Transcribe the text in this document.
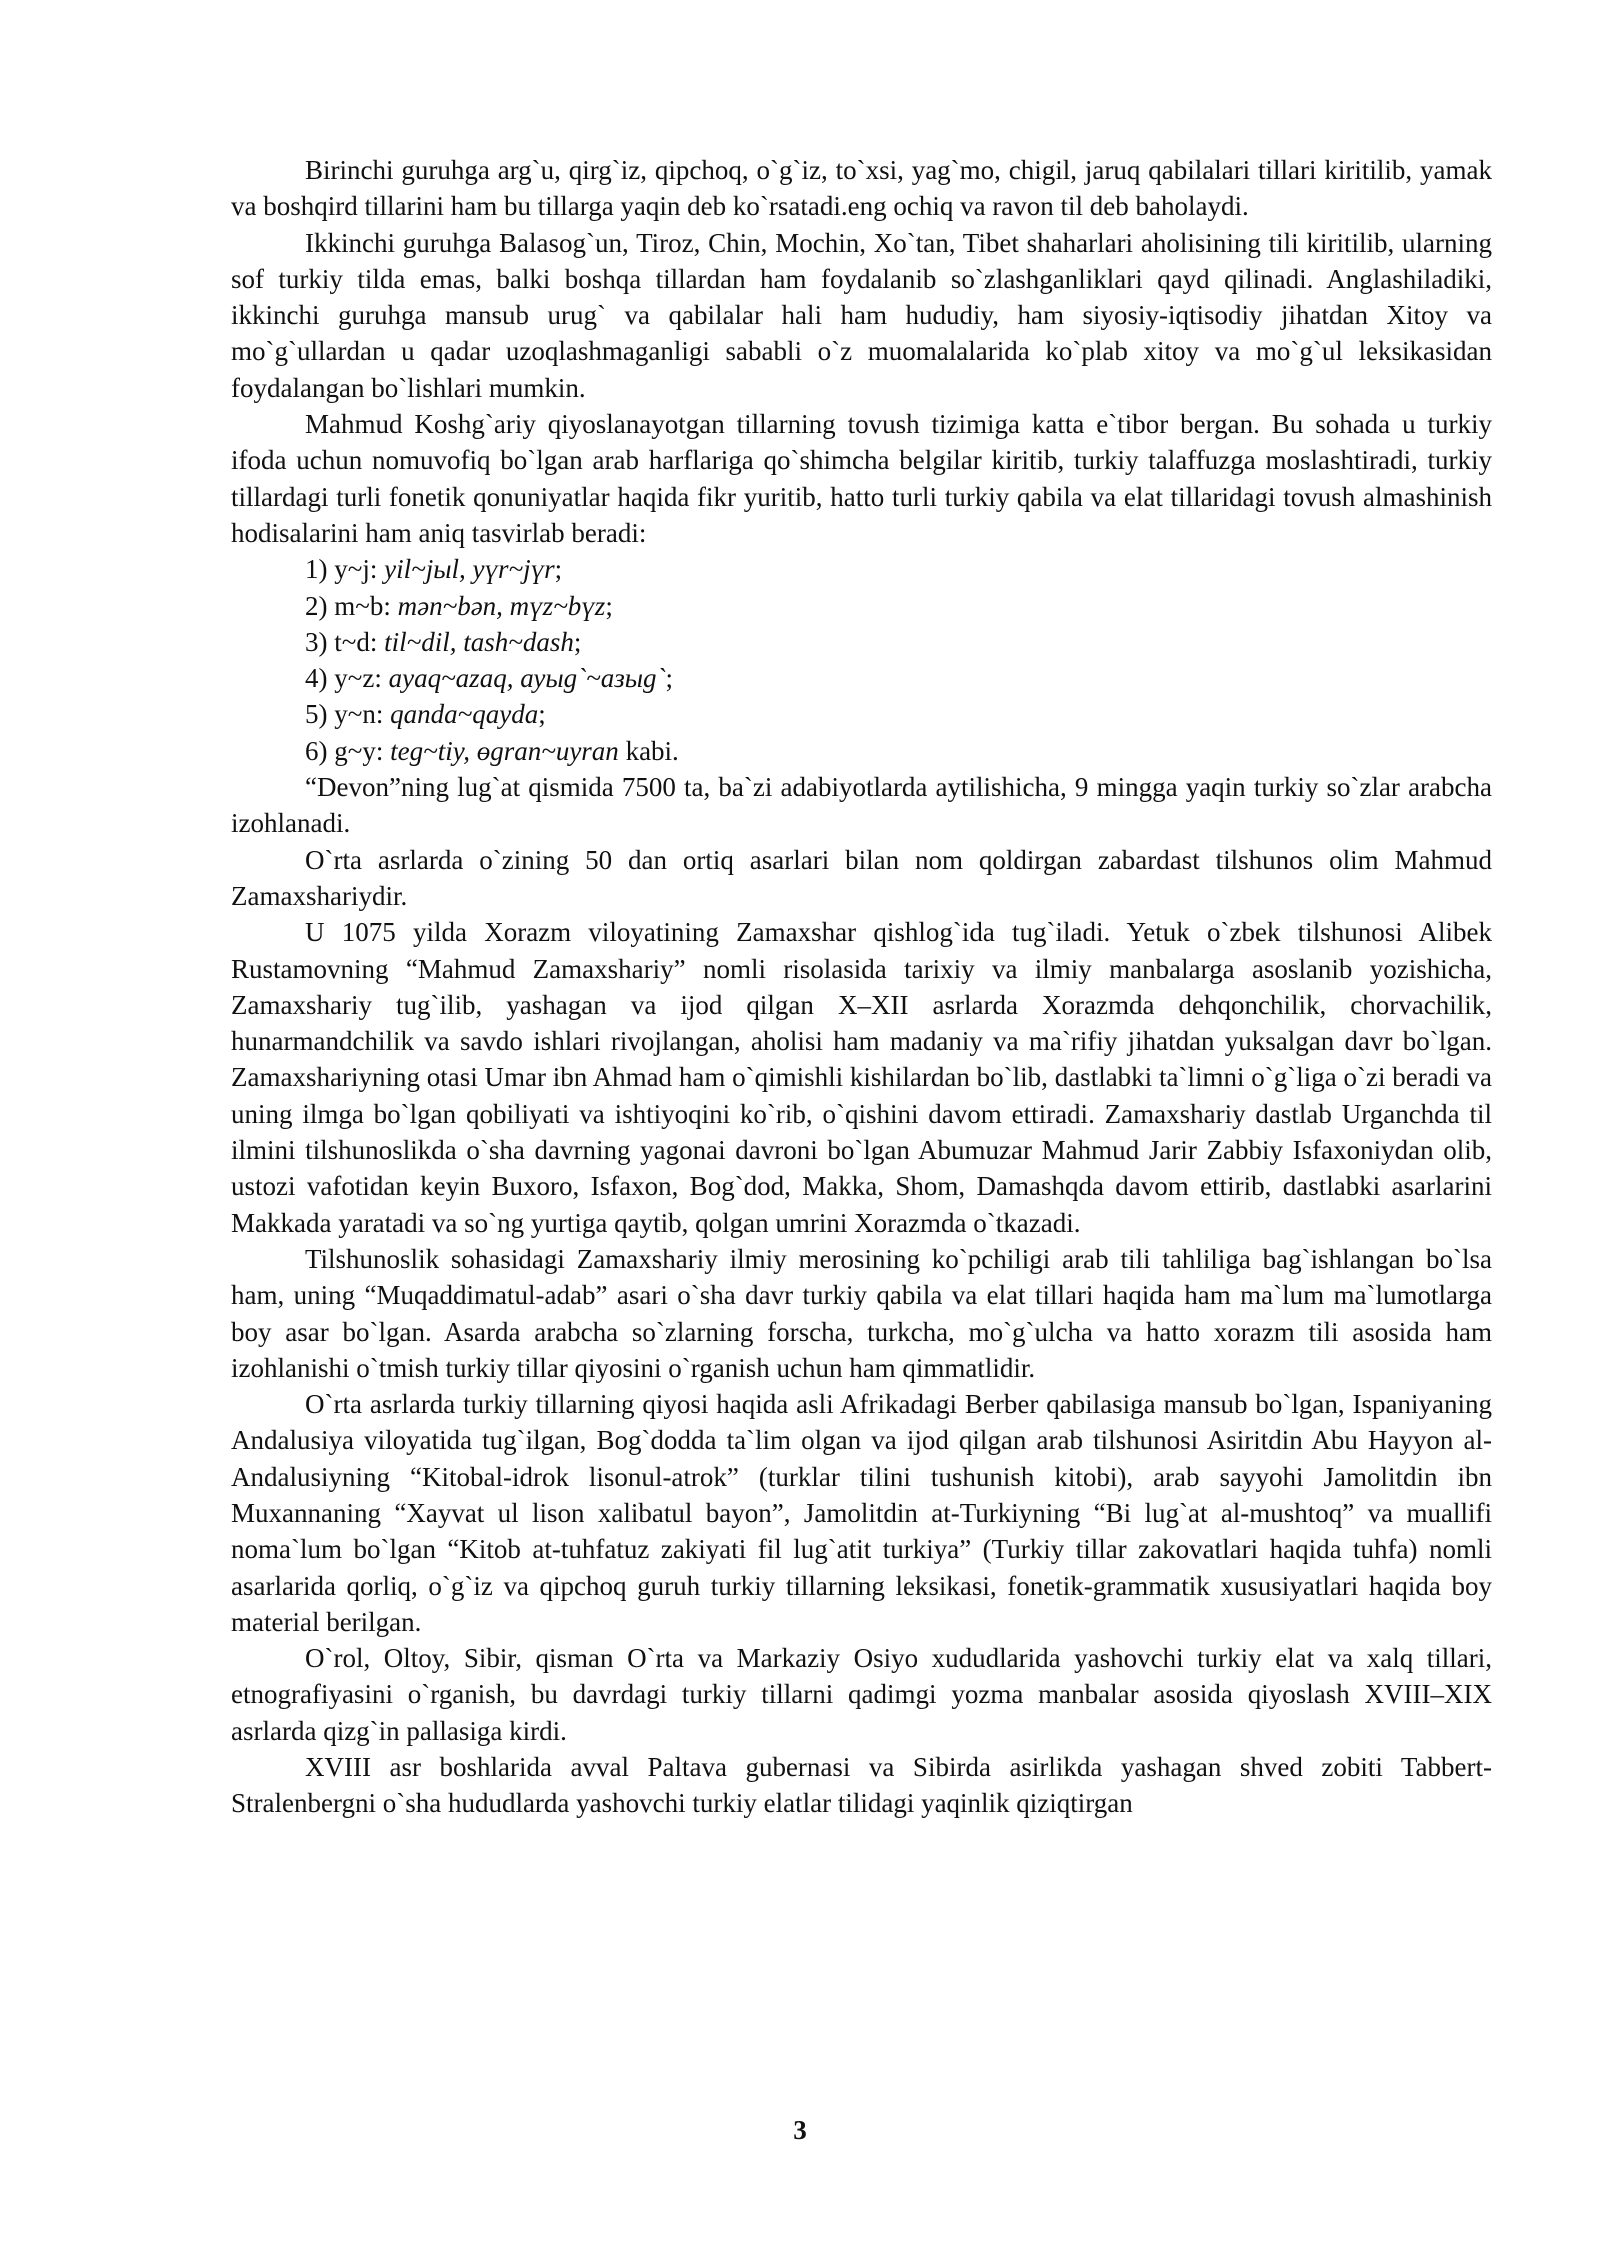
Birinchi guruhga arg`u, qirg`iz, qipchoq, o`g`iz, to`xsi, yag`mo, chigil, jaruq qabilalari tillari kiritilib, yamak va boshqird tillarini ham bu tillarga yaqin deb ko`rsatadi.eng ochiq va ravon til deb baholaydi.

Ikkinchi guruhga Balasog`un, Tiroz, Chin, Mochin, Xo`tan, Tibet shaharlari aholisining tili kiritilib, ularning sof turkiy tilda emas, balki boshqa tillardan ham foydalanib so`zlashganliklari qayd qilinadi. Anglashiladiki, ikkinchi guruhga mansub urug` va qabilalar hali ham hududiy, ham siyosiy-iqtisodiy jihatdan Xitoy va mo`g`ullardan u qadar uzoqlashmaganligi sababli o`z muomalalarida ko`plab xitoy va mo`g`ul leksikasidan foydalangan bo`lishlari mumkin.

Mahmud Koshg`ariy qiyoslanayotgan tillarning tovush tizimiga katta e`tibor bergan. Bu sohada u turkiy ifoda uchun nomuvofiq bo`lgan arab harflariga qo`shimcha belgilar kiritib, turkiy talaffuzga moslashtiradi, turkiy tillardagi turli fonetik qonuniyatlar haqida fikr yuritib, hatto turli turkiy qabila va elat tillaridagi tovush almashinish hodisalarini ham aniq tasvirlab beradi:

1) y~j: yil~jыl, yүr~jүr;
2) m~b: mən~bən, mүz~bүz;
3) t~d: til~dil, tash~dash;
4) y~z: ayaq~azaq, ауыg`~азыg`;
5) y~n: qanda~qayda;
6) g~y: teg~tiy, өgran~uyran kabi.

“Devon”ning lug`at qismida 7500 ta, ba`zi adabiyotlarda aytilishicha, 9 mingga yaqin turkiy so`zlar arabcha izohlanadi.

O`rta asrlarda o`zining 50 dan ortiq asarlari bilan nom qoldirgan zabardast tilshunos olim Mahmud Zamaxshariydir.

U 1075 yilda Xorazm viloyatining Zamaxshar qishlog`ida tug`iladi. Yetuk o`zbek tilshunosi Alibek Rustamovning “Mahmud Zamaxshariy” nomli risolasida tarixiy va ilmiy manbalarga asoslanib yozishicha, Zamaxshariy tug`ilib, yashagan va ijod qilgan X–XII asrlarda Xorazmda dehqonchilik, chorvachilik, hunarmandchilik va savdo ishlari rivojlangan, aholisi ham madaniy va ma`rifiy jihatdan yuksalgan davr bo`lgan. Zamaxshariyning otasi Umar ibn Ahmad ham o`qimishli kishilardan bo`lib, dastlabki ta`limni o`g`liga o`zi beradi va uning ilmga bo`lgan qobiliyati va ishtiyoqini ko`rib, o`qishini davom ettiradi. Zamaxshariy dastlab Urganchda til ilmini tilshunoslikda o`sha davrning yagonai davroni bo`lgan Abumuzar Mahmud Jarir Zabbiy Isfaxoniydan olib, ustozi vafotidan keyin Buxoro, Isfaxon, Bog`dod, Makka, Shom, Damashqda davom ettirib, dastlabki asarlarini Makkada yaratadi va so`ng yurtiga qaytib, qolgan umrini Xorazmda o`tkazadi.

Tilshunoslik sohasidagi Zamaxshariy ilmiy merosining ko`pchiligi arab tili tahliliga bag`ishlangan bo`lsa ham, uning “Muqaddimatul-adab” asari o`sha davr turkiy qabila va elat tillari haqida ham ma`lum ma`lumotlarga boy asar bo`lgan. Asarda arabcha so`zlarning forscha, turkcha, mo`g`ulcha va hatto xorazm tili asosida ham izohlanishi o`tmish turkiy tillar qiyosini o`rganish uchun ham qimmatlidir.

O`rta asrlarda turkiy tillarning qiyosi haqida asli Afrikadagi Berber qabilasiga mansub bo`lgan, Ispaniyaning Andalusiya viloyatida tug`ilgan, Bog`dodda ta`lim olgan va ijod qilgan arab tilshunosi Asiritdin Abu Hayyon al-Andalusiyning “Kitobal-idrok lisonul-atrok” (turklar tilini tushunish kitobi), arab sayyohi Jamolitdin ibn Muxannaning “Xayvat ul lison xalibatul bayon”, Jamolitdin at-Turkiyning “Bi lug`at al-mushtoq” va muallifi noma`lum bo`lgan “Kitob at-tuhfatuz zakiyati fil lug`atit turkiya” (Turkiy tillar zakovatlari haqida tuhfa) nomli asarlarida qorliq, o`g`iz va qipchoq guruh turkiy tillarning leksikasi, fonetik-grammatik xususiyatlari haqida boy material berilgan.

O`rol, Oltoy, Sibir, qisman O`rta va Markaziy Osiyo xududlarida yashovchi turkiy elat va xalq tillari, etnografiyasini o`rganish, bu davrdagi turkiy tillarni qadimgi yozma manbalar asosida qiyoslash XVIII–XIX asrlarda qizg`in pallasiga kirdi.

XVIII asr boshlarida avval Paltava gubernasi va Sibirda asirlikda yashagan shved zobiti Tabbert-Stralenbergni o`sha hududlarda yashovchi turkiy elatlar tilidagi yaqinlik qiziqtirgan

3
